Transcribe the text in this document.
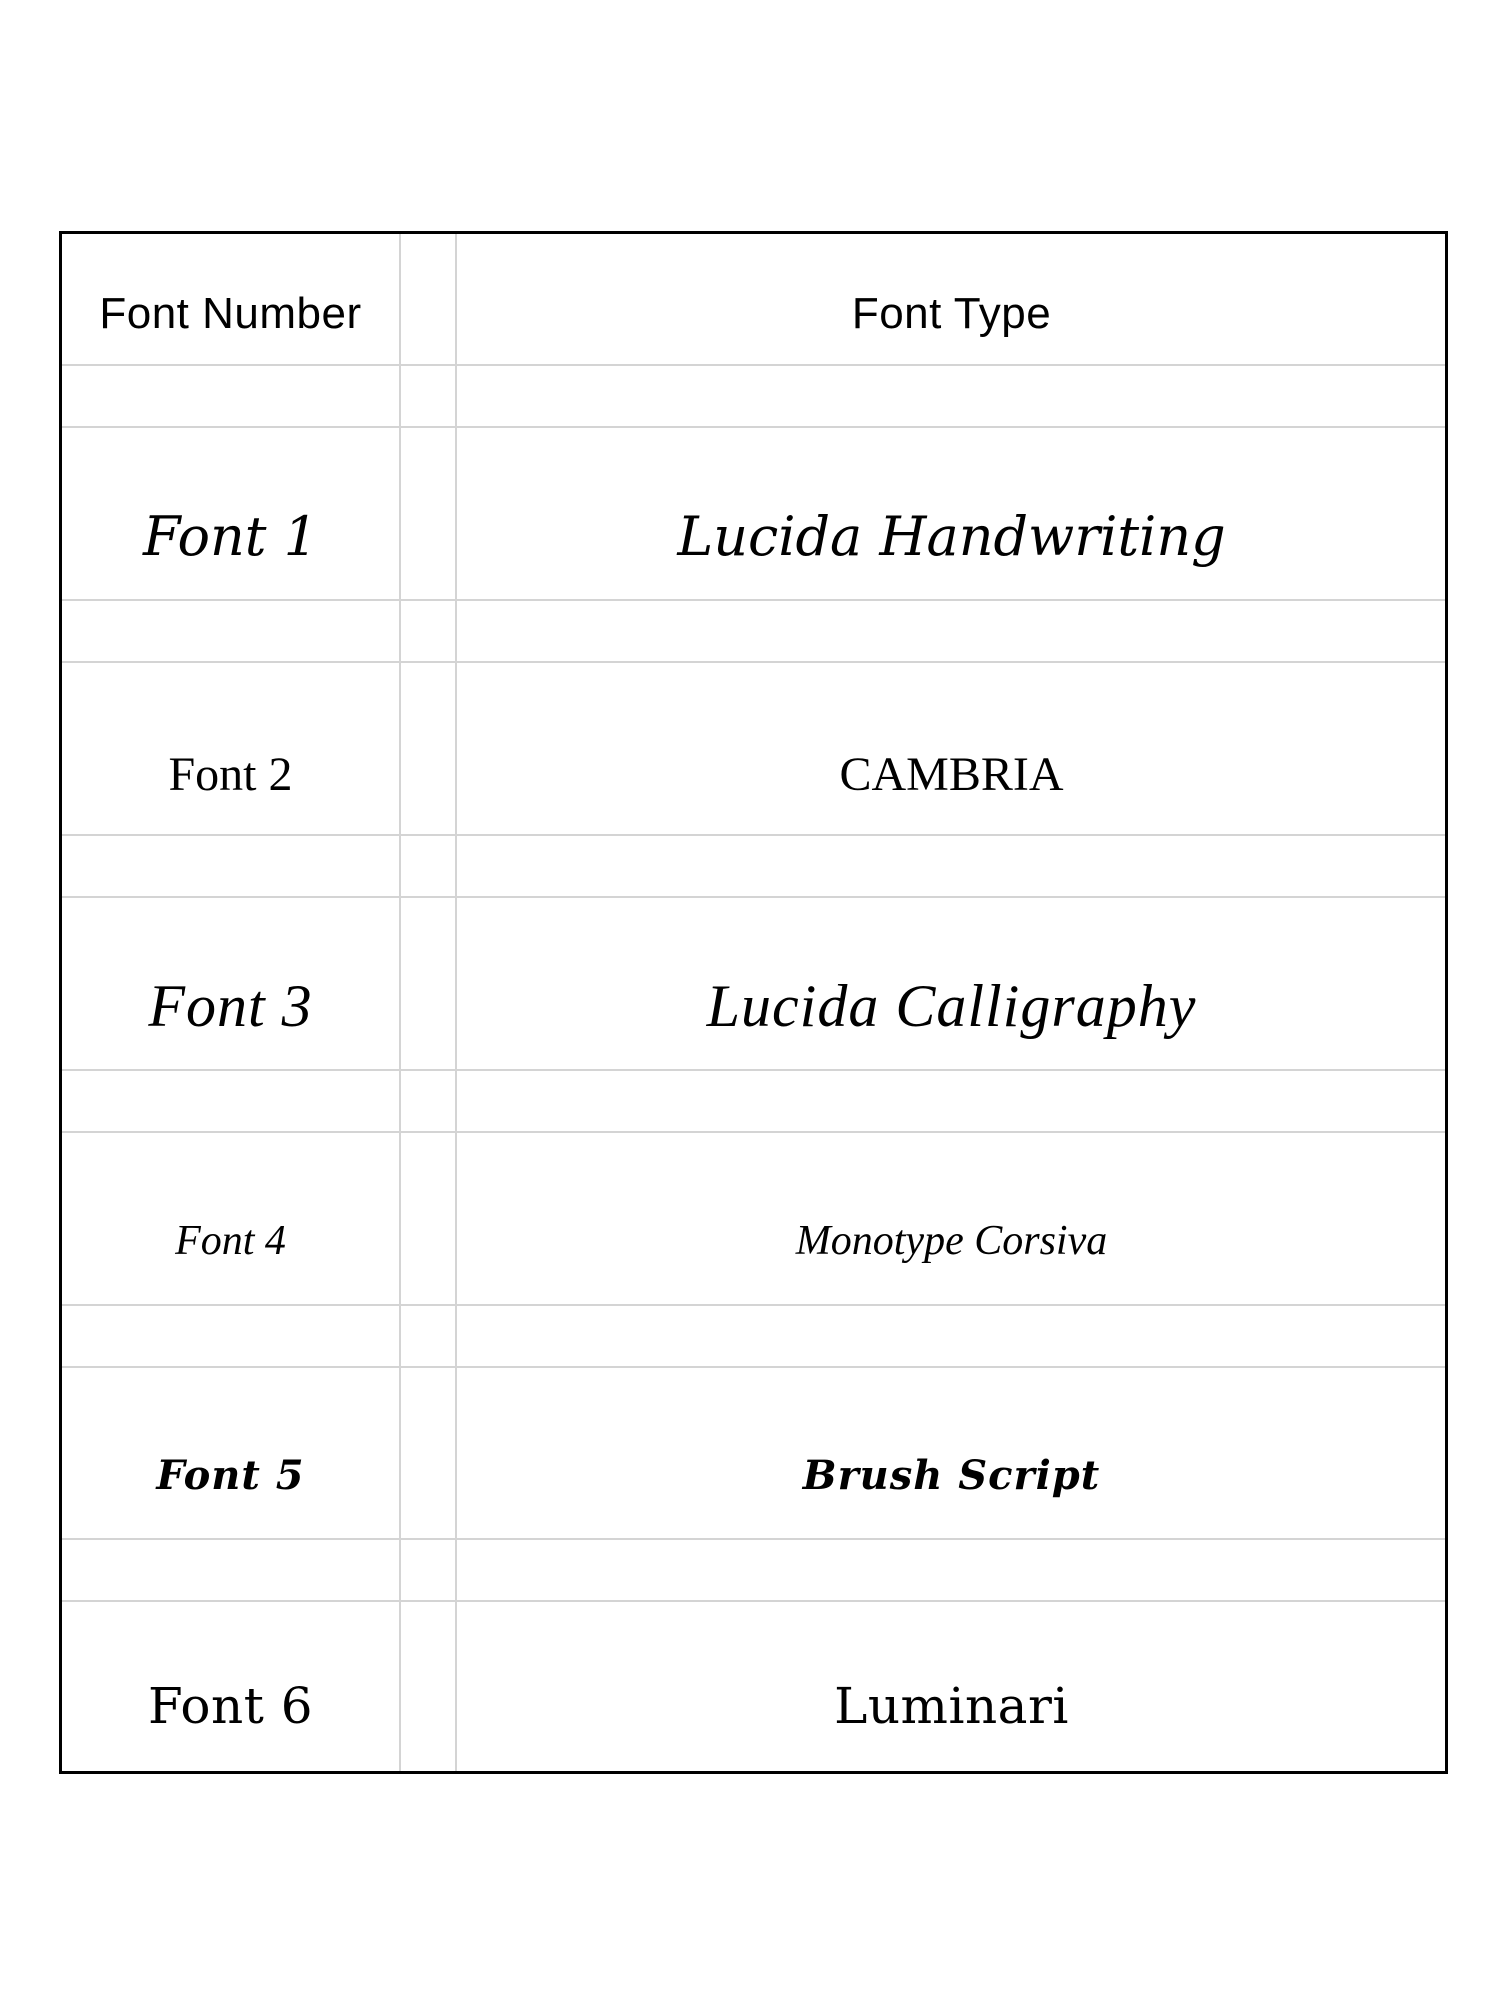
Font Number	Font Type
Font 1	Lucida Handwriting
Font 2	CAMBRIA
Font 3	Lucida Calligraphy
Font 4	Monotype Corsiva
Font 5	Brush Script
Font 6	Luminari
